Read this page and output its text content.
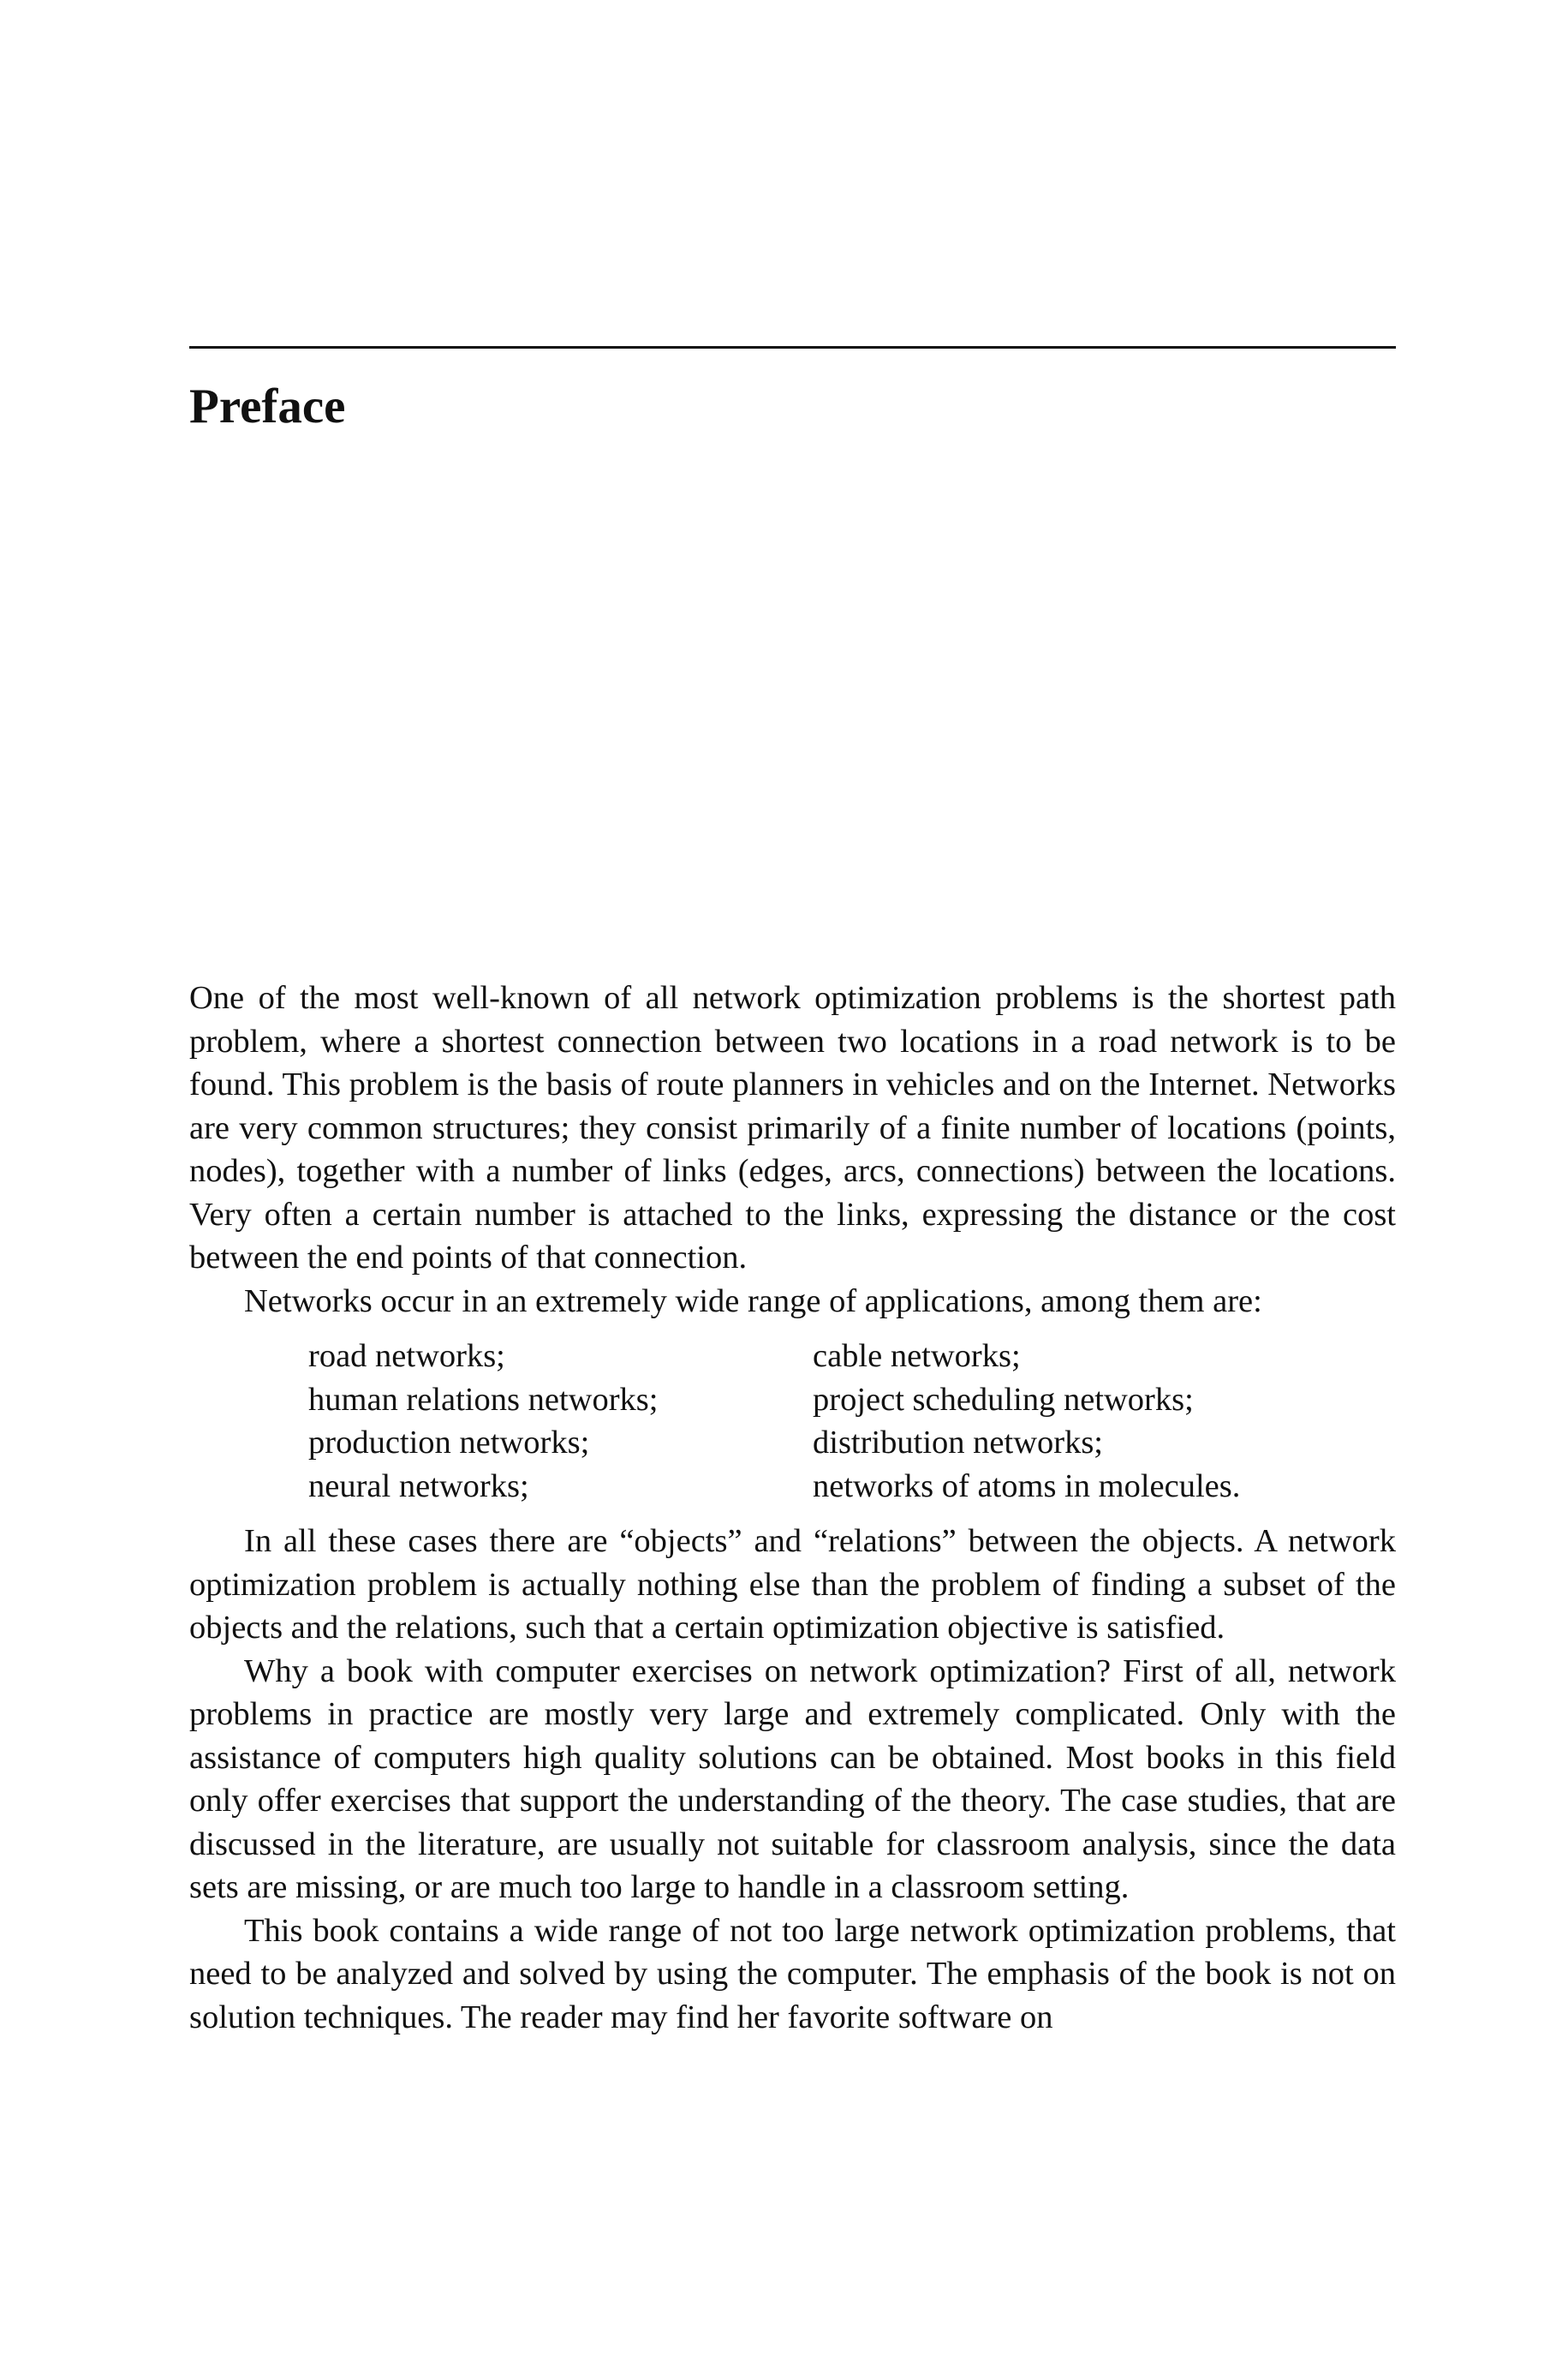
Preface

One of the most well-known of all network optimization problems is the shortest path problem, where a shortest connection between two locations in a road network is to be found. This problem is the basis of route planners in vehicles and on the Internet. Networks are very common structures; they consist primarily of a finite number of locations (points, nodes), together with a number of links (edges, arcs, connections) between the locations. Very often a certain number is attached to the links, expressing the distance or the cost between the end points of that connection.

Networks occur in an extremely wide range of applications, among them are:

road networks;	cable networks;
human relations networks;	project scheduling networks;
production networks;	distribution networks;
neural networks;	networks of atoms in molecules.

In all these cases there are “objects” and “relations” between the objects. A network optimization problem is actually nothing else than the problem of finding a subset of the objects and the relations, such that a certain optimization objective is satisfied.

Why a book with computer exercises on network optimization? First of all, network problems in practice are mostly very large and extremely complicated. Only with the assistance of computers high quality solutions can be obtained. Most books in this field only offer exercises that support the understanding of the theory. The case studies, that are discussed in the literature, are usually not suitable for classroom analysis, since the data sets are missing, or are much too large to handle in a classroom setting.

This book contains a wide range of not too large network optimization problems, that need to be analyzed and solved by using the computer. The emphasis of the book is not on solution techniques. The reader may find her favorite software on
